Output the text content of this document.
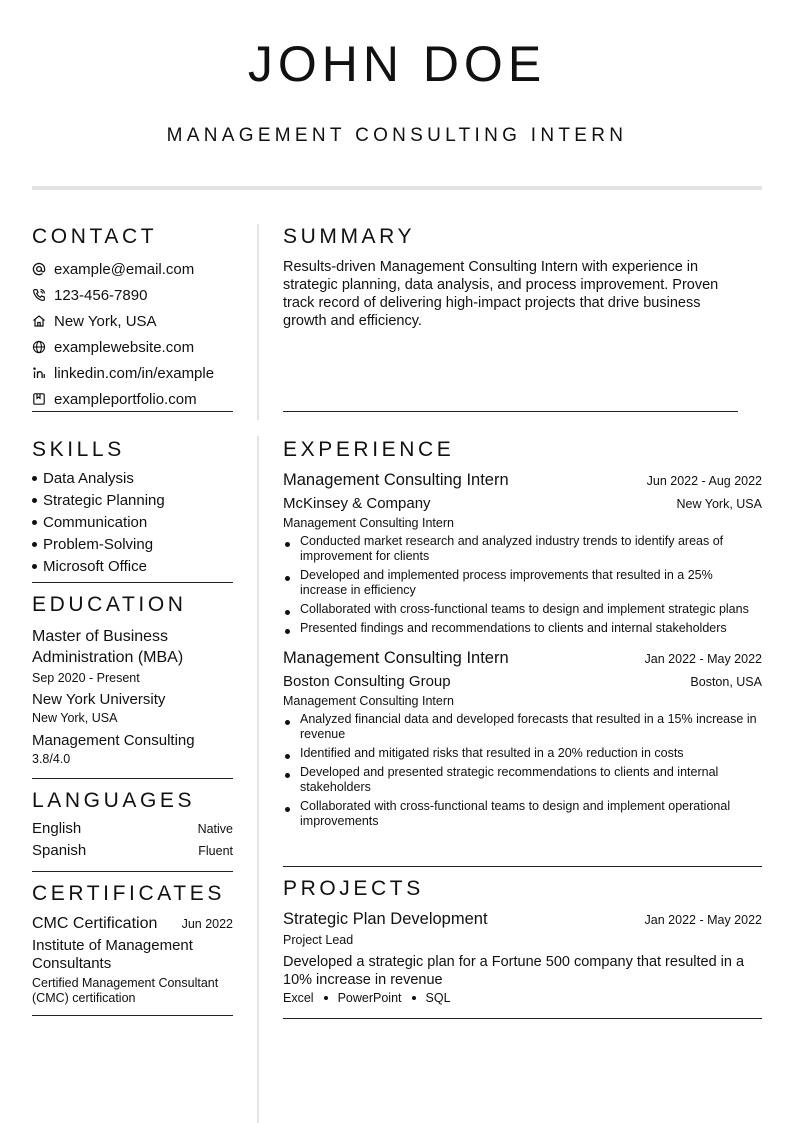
JOHN DOE
MANAGEMENT CONSULTING INTERN
CONTACT
example@email.com
123-456-7890
New York, USA
examplewebsite.com
linkedin.com/in/example
exampleportfolio.com
SUMMARY

Results-driven Management Consulting Intern with experience in strategic planning, data analysis, and process improvement. Proven track record of delivering high-impact projects that drive business growth and efficiency.

SKILLS
Data Analysis
Strategic Planning
Communication
Problem-Solving
Microsoft Office
EDUCATION
Master of Business Administration (MBA)
Sep 2020 - Present
New York University
New York, USA
Management Consulting
3.8/4.0
LANGUAGES
English	Native
Spanish	Fluent
CERTIFICATES
CMC Certification Jun 2022
Institute of Management Consultants
Certified Management Consultant (CMC) certification
EXPERIENCE
Management Consulting Intern	Jun 2022 - Aug 2022
McKinsey & Company	New York, USA
Management Consulting Intern
Conducted market research and analyzed industry trends to identify areas of improvement for clients
Developed and implemented process improvements that resulted in a 25% increase in efficiency
Collaborated with cross-functional teams to design and implement strategic plans
Presented findings and recommendations to clients and internal stakeholders
Management Consulting Intern	Jan 2022 - May 2022
Boston Consulting Group	Boston, USA
Management Consulting Intern
Analyzed financial data and developed forecasts that resulted in a 15% increase in revenue
Identified and mitigated risks that resulted in a 20% reduction in costs
Developed and presented strategic recommendations to clients and internal stakeholders
Collaborated with cross-functional teams to design and implement operational improvements
PROJECTS
Strategic Plan Development	Jan 2022 - May 2022
Project Lead
Developed a strategic plan for a Fortune 500 company that resulted in a 10% increase in revenue
Excel PowerPoint SQL
